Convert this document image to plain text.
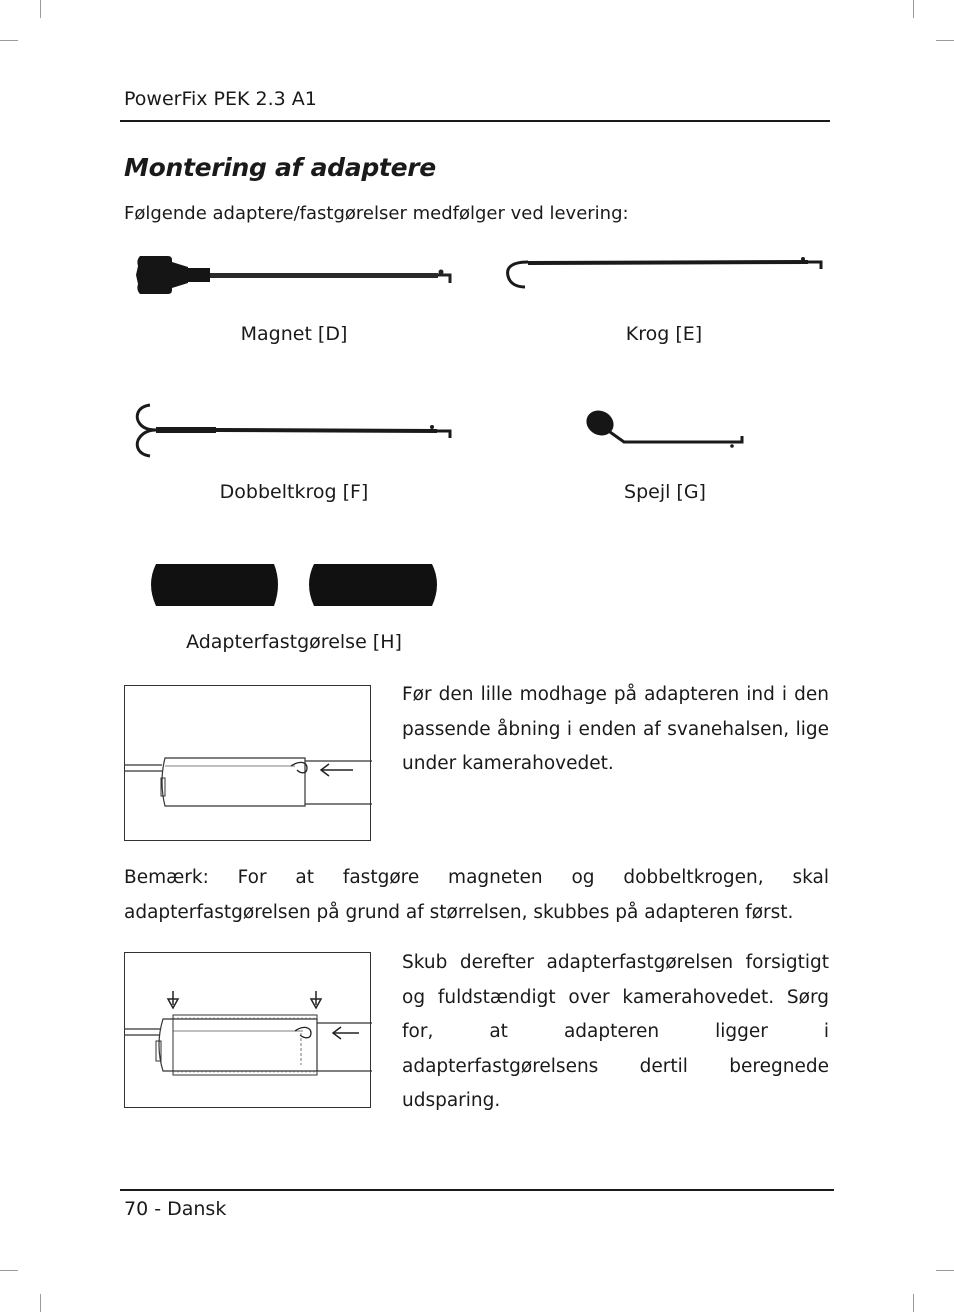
PowerFix PEK 2.3 A1
Montering af adaptere
Følgende adaptere/fastgørelser medfølger ved levering:
Magnet [D]	Krog [E]
Dobbeltkrog [F]	Spejl [G]
Adapterfastgørelse [H]
Før den lille modhage på adapteren ind i den passende åbning i enden af svanehalsen, lige under kamerahovedet.
Bemærk: For at fastgøre magneten og dobbeltkrogen, skal adapterfastgørelsen på grund af størrelsen, skubbes på adapteren først.
Skub derefter adapterfastgørelsen forsigtigt og fuldstændigt over kamerahovedet. Sørg for, at adapteren ligger i adapterfastgørelsens dertil beregnede udsparing.
70 - Dansk
